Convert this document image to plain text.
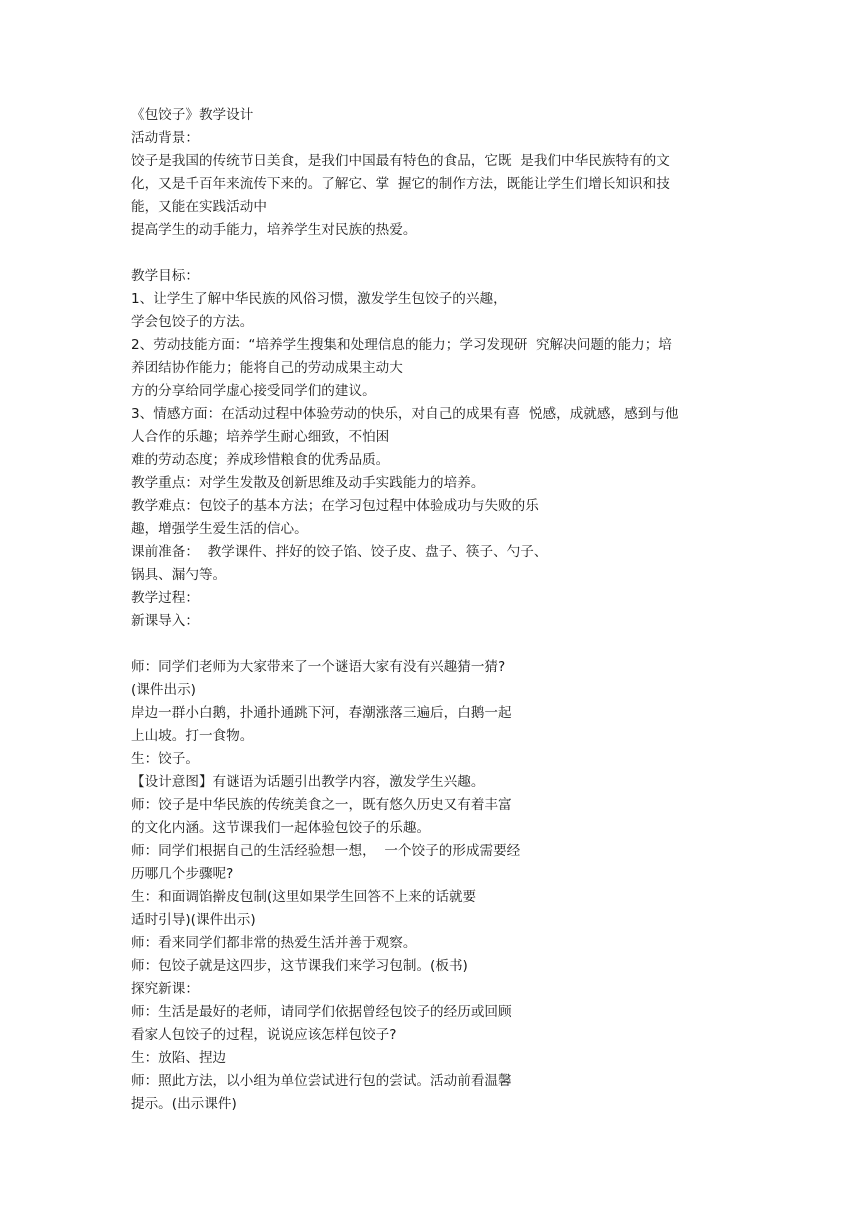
《包饺子》教学设计
活动背景：
饺子是我国的传统节日美食，是我们中国最有特色的食品，它既  是我们中华民族特有的文
化，又是千百年来流传下来的。了解它、掌  握它的制作方法，既能让学生们增长知识和技
能，又能在实践活动中
提高学生的动手能力，培养学生对民族的热爱。
教学目标：
1、让学生了解中华民族的风俗习惯，激发学生包饺子的兴趣，
学会包饺子的方法。
2、劳动技能方面：“培养学生搜集和处理信息的能力；学习发现研  究解决问题的能力；培
养团结协作能力；能将自己的劳动成果主动大
方的分享给同学虚心接受同学们的建议。
3、情感方面：在活动过程中体验劳动的快乐，对自己的成果有喜  悦感，成就感，感到与他
人合作的乐趣；培养学生耐心细致，不怕困
难的劳动态度；养成珍惜粮食的优秀品质。
教学重点：对学生发散及创新思维及动手实践能力的培养。
教学难点：包饺子的基本方法；在学习包过程中体验成功与失败的乐
趣，增强学生爱生活的信心。
课前准备：  教学课件、拌好的饺子馅、饺子皮、盘子、筷子、勺子、
锅具、漏勺等。
教学过程：
新课导入：
师：同学们老师为大家带来了一个谜语大家有没有兴趣猜一猜?
(课件出示)
岸边一群小白鹅，扑通扑通跳下河，春潮涨落三遍后，白鹅一起
上山坡。打一食物。
生：饺子。
【设计意图】有谜语为话题引出教学内容，激发学生兴趣。
师：饺子是中华民族的传统美食之一，既有悠久历史又有着丰富
的文化内涵。这节课我们一起体验包饺子的乐趣。
师：同学们根据自己的生活经验想一想，  一个饺子的形成需要经
历哪几个步骤呢?
生：和面调馅擀皮包制(这里如果学生回答不上来的话就要
适时引导)(课件出示)
师：看来同学们都非常的热爱生活并善于观察。
师：包饺子就是这四步，这节课我们来学习包制。(板书)
探究新课：
师：生活是最好的老师，请同学们依据曾经包饺子的经历或回顾
看家人包饺子的过程，说说应该怎样包饺子?
生：放陷、捏边
师：照此方法，以小组为单位尝试进行包的尝试。活动前看温馨
提示。(出示课件)
